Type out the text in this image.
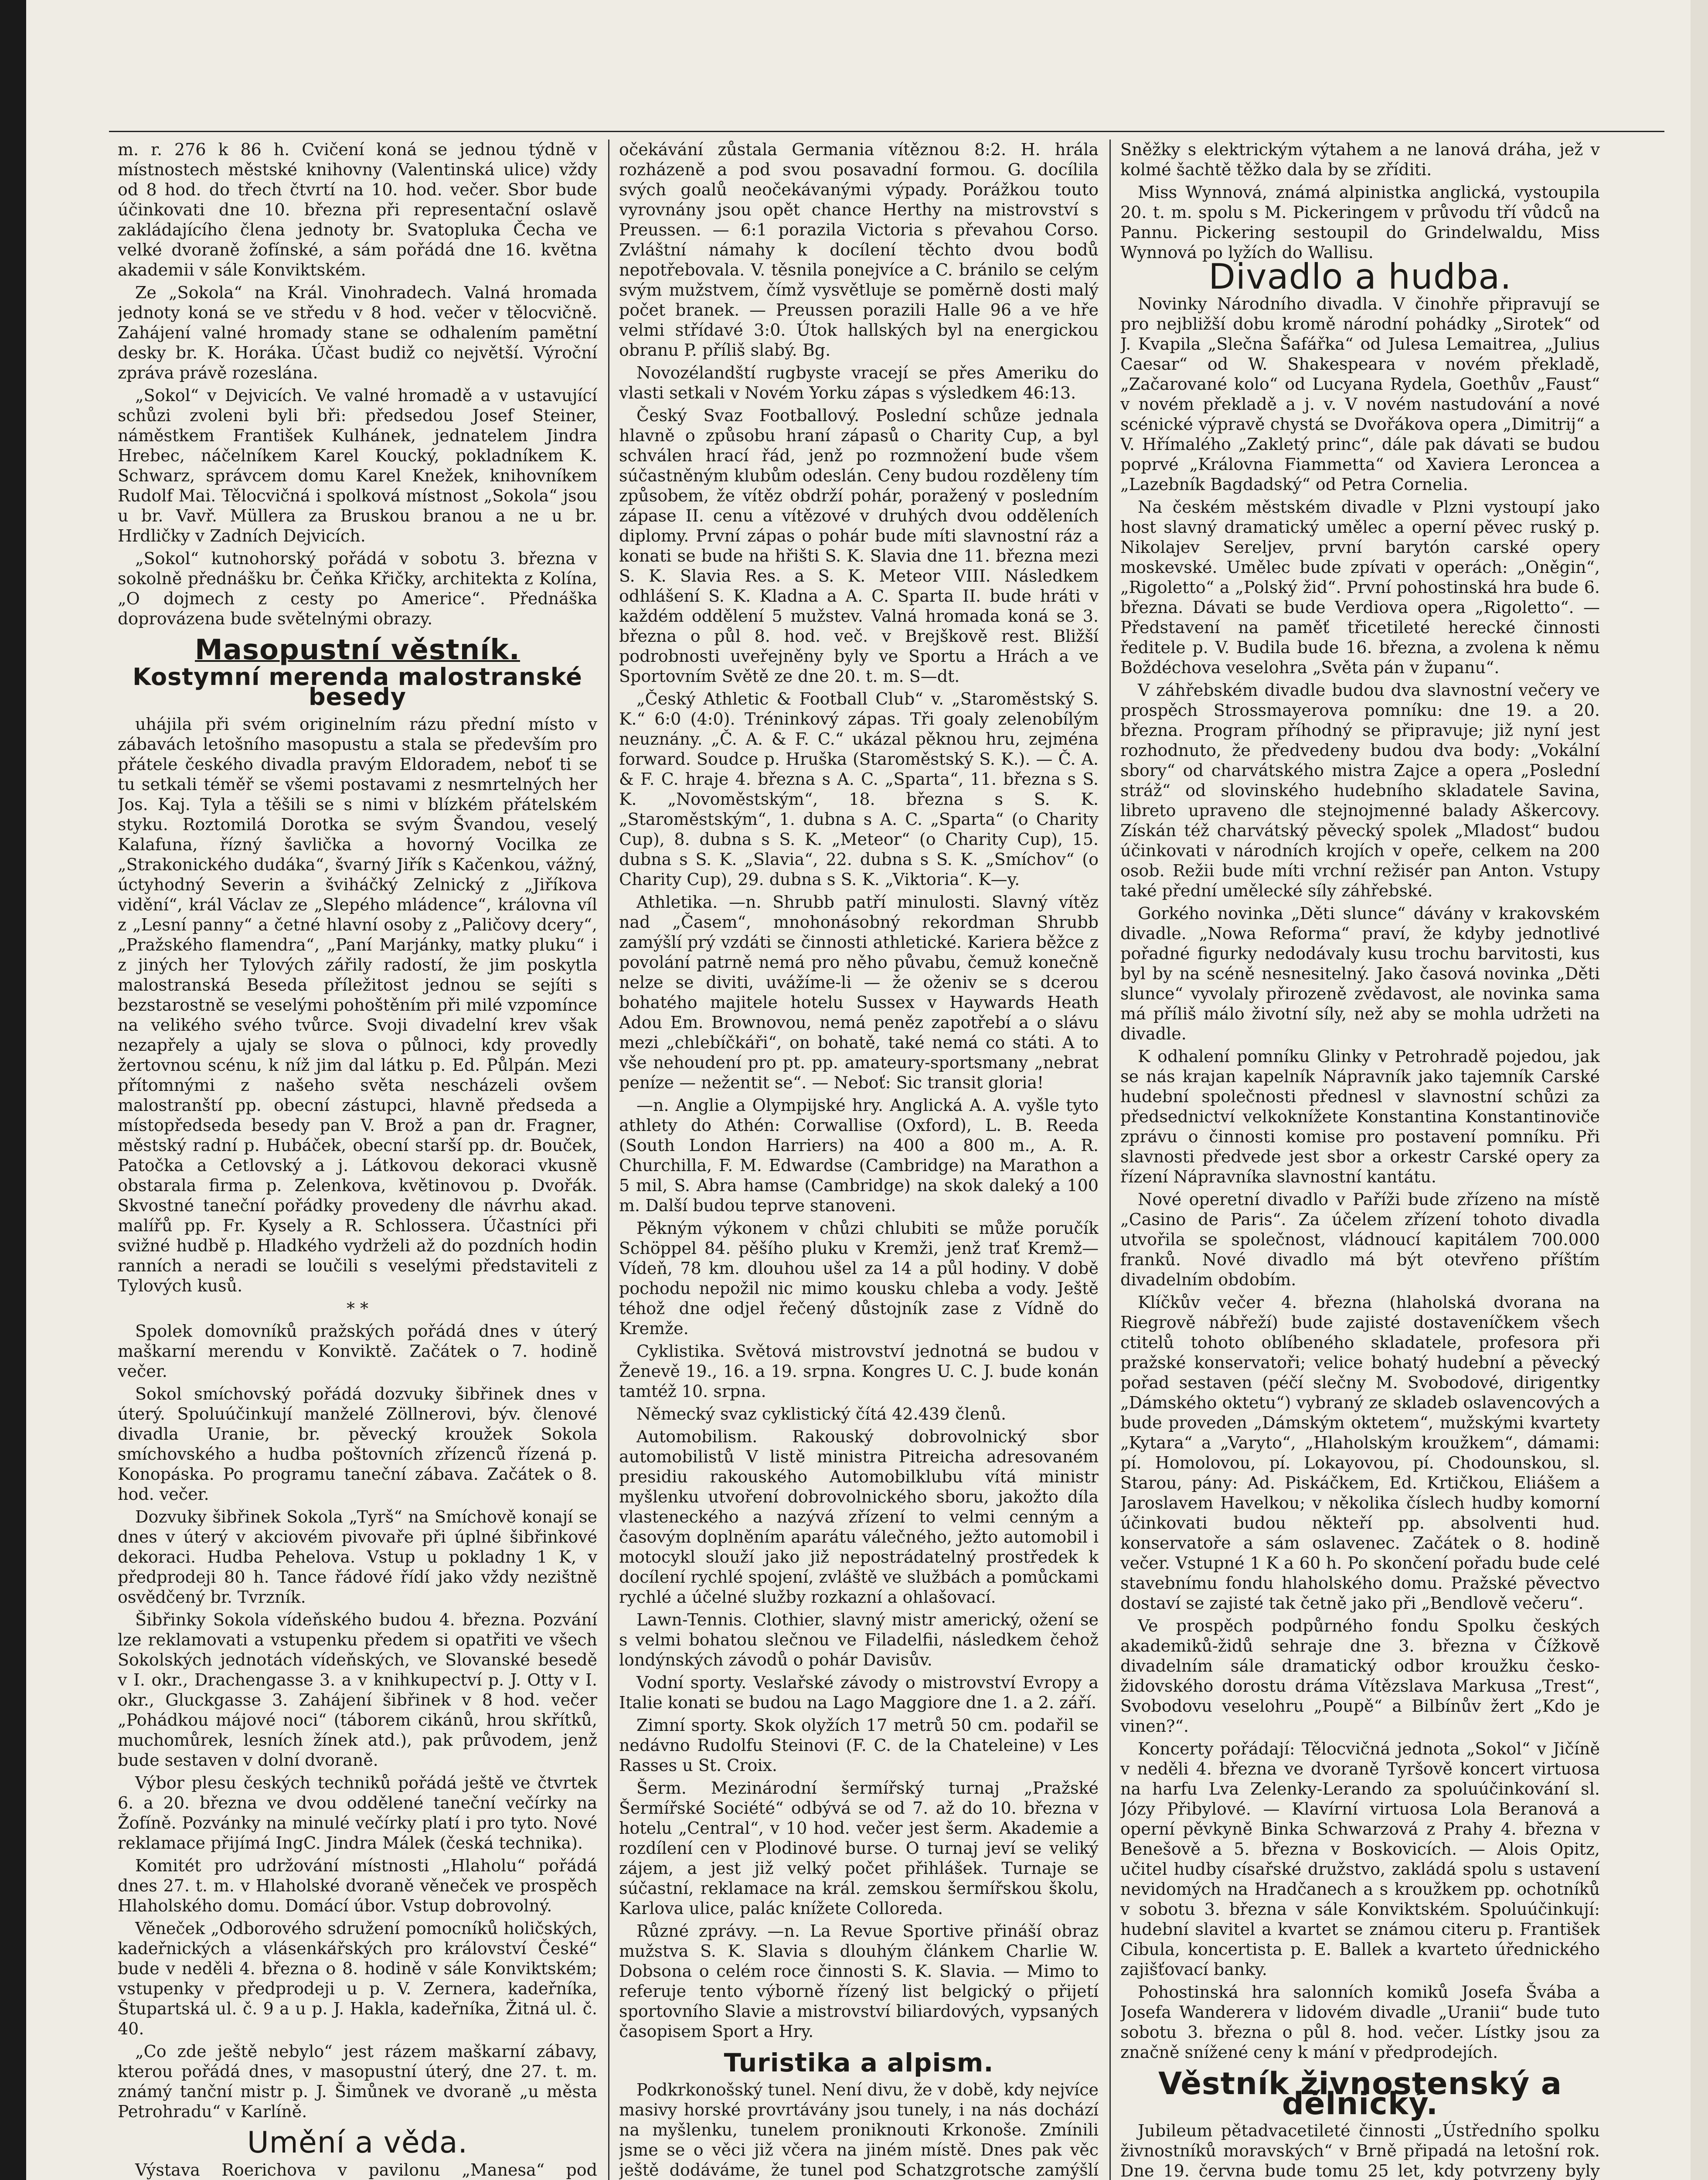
m. r. 276 k 86 h. Cvičení koná se jednou týdně v místnostech městské knihovny (Valentinská ulice) vždy od 8 hod. do třech čtvrtí na 10. hod. večer. Sbor bude účinkovati dne 10. března při representační oslavě zakládajícího člena jednoty br. Svatopluka Čecha ve velké dvoraně žofínské, a sám pořádá dne 16. května akademii v sále Konviktském.

Ze „Sokola“ na Král. Vinohradech. Valná hromada jednoty koná se ve středu v 8 hod. večer v tělocvičně. Zahájení valné hromady stane se odhalením pamětní desky br. K. Horáka. Účast budiž co největší. Výroční zpráva právě rozeslána.

„Sokol“ v Dejvicích. Ve valné hromadě a v ustavující schůzi zvoleni byli bři: předsedou Josef Steiner, náměstkem František Kulhánek, jednatelem Jindra Hrebec, náčelníkem Karel Koucký, pokladníkem K. Schwarz, správcem domu Karel Knežek, knihovníkem Rudolf Mai. Tělocvičná i spolková místnost „Sokola“ jsou u br. Vavř. Müllera za Bruskou branou a ne u br. Hrdličky v Zadních Dejvicích.

„Sokol“ kutnohorský pořádá v sobotu 3. března v sokolně přednášku br. Čeňka Křičky, architekta z Kolína, „O dojmech z cesty po Americe“. Přednáška doprovázena bude světelnými obrazy.

Masopustní věstník.
Kostymní merenda malostranské besedy

uhájila při svém originelním rázu přední místo v zábavách letošního masopustu a stala se především pro přátele českého divadla pravým Eldoradem, neboť ti se tu setkali téměř se všemi postavami z nesmrtelných her Jos. Kaj. Tyla a těšili se s nimi v blízkém přátelském styku. Roztomilá Dorotka se svým Švandou, veselý Kalafuna, řízný šavlička a hovorný Vocilka ze „Strakonického dudáka“, švarný Jiřík s Kačenkou, vážný, úctyhodný Severin a šviháčký Zelnický z „Jiříkova vidění“, král Václav ze „Slepého mládence“, královna víl z „Lesní panny“ a četné hlavní osoby z „Paličovy dcery“, „Pražského flamendra“, „Paní Marjánky, matky pluku“ i z jiných her Tylových zářily radostí, že jim poskytla malostranská Beseda příležitost jednou se sejíti s bezstarostně se veselými pohoštěním při milé vzpomínce na velikého svého tvůrce. Svoji divadelní krev však nezapřely a ujaly se slova o půlnoci, kdy provedly žertovnou scénu, k níž jim dal látku p. Ed. Půlpán. Mezi přítomnými z našeho světa nescházeli ovšem malostranští pp. obecní zástupci, hlavně předseda a místopředseda besedy pan V. Brož a pan dr. Fragner, městský radní p. Hubáček, obecní starší pp. dr. Bouček, Patočka a Cetlovský a j. Látkovou dekoraci vkusně obstarala firma p. Zelenkova, květinovou p. Dvořák. Skvostné taneční pořádky provedeny dle návrhu akad. malířů pp. Fr. Kysely a R. Schlossera. Účastníci při svižné hudbě p. Hladkého vydrželi až do pozdních hodin ranních a neradi se loučili s veselými představiteli z Tylových kusů.

* *

Spolek domovníků pražských pořádá dnes v úterý maškarní merendu v Konviktě. Začátek o 7. hodině večer.

Sokol smíchovský pořádá dozvuky šibřinek dnes v úterý. Spoluúčinkují manželé Zöllnerovi, býv. členové divadla Uranie, br. pěvecký kroužek Sokola smíchovského a hudba poštovních zřízenců řízená p. Konopáska. Po programu taneční zábava. Začátek o 8. hod. večer.

Dozvuky šibřinek Sokola „Tyrš“ na Smíchově konají se dnes v úterý v akciovém pivovaře při úplné šibřinkové dekoraci. Hudba Pehelova. Vstup u pokladny 1 K, v předprodeji 80 h. Tance řádové řídí jako vždy nezištně osvědčený br. Tvrzník.

Šibřinky Sokola vídeňského budou 4. března. Pozvání lze reklamovati a vstupenku předem si opatřiti ve všech Sokolských jednotách vídeňských, ve Slovanské besedě v I. okr., Drachengasse 3. a v knihkupectví p. J. Otty v I. okr., Gluckgasse 3. Zahájení šibřinek v 8 hod. večer „Pohádkou májové noci“ (táborem cikánů, hrou skřítků, muchomůrek, lesních žínek atd.), pak průvodem, jenž bude sestaven v dolní dvoraně.

Výbor plesu českých techniků pořádá ještě ve čtvrtek 6. a 20. března ve dvou oddělené taneční večírky na Žofíně. Pozvánky na minulé večírky platí i pro tyto. Nové reklamace přijímá IngC. Jindra Málek (česká technika).

Komitét pro udržování místnosti „Hlaholu“ pořádá dnes 27. t. m. v Hlaholské dvoraně věneček ve prospěch Hlaholského domu. Domácí úbor. Vstup dobrovolný.

Věneček „Odborového sdružení pomocníků holičských, kadeřnických a vlásenkářských pro království České“ bude v neděli 4. března o 8. hodině v sále Konviktském; vstupenky v předprodeji u p. V. Zernera, kadeřníka, Štupartská ul. č. 9 a u p. J. Hakla, kadeřníka, Žitná ul. č. 40.

„Co zde ještě nebylo“ jest rázem maškarní zábavy, kterou pořádá dnes, v masopustní úterý, dne 27. t. m. známý tanční mistr p. J. Šimůnek ve dvoraně „u města Petrohradu“ v Karlíně.

Umění a věda.

Výstava Roerichova v pavilonu „Manesa“ pod

očekávání zůstala Germania vítěznou 8:2. H. hrála rozházeně a pod svou posavadní formou. G. docílila svých goalů neočekávanými výpady. Porážkou touto vyrovnány jsou opět chance Herthy na mistrovství s Preussen. — 6:1 porazila Victoria s převahou Corso. Zvláštní námahy k docílení těchto dvou bodů nepotřebovala. V. těsnila ponejvíce a C. bránilo se celým svým mužstvem, čímž vysvětluje se poměrně dosti malý počet branek. — Preussen porazili Halle 96 a ve hře velmi střídavé 3:0. Útok hallských byl na energickou obranu P. příliš slabý. Bg.

Novozélandští rugbyste vracejí se přes Ameriku do vlasti setkali v Novém Yorku zápas s výsledkem 46:13.

Český Svaz Footballový. Poslední schůze jednala hlavně o způsobu hraní zápasů o Charity Cup, a byl schválen hrací řád, jenž po rozmnožení bude všem súčastněným klubům odeslán. Ceny budou rozděleny tím způsobem, že vítěz obdrží pohár, poražený v posledním zápase II. cenu a vítězové v druhých dvou odděleních diplomy. První zápas o pohár bude míti slavnostní ráz a konati se bude na hřišti S. K. Slavia dne 11. března mezi S. K. Slavia Res. a S. K. Meteor VIII. Následkem odhlášení S. K. Kladna a A. C. Sparta II. bude hráti v každém oddělení 5 mužstev. Valná hromada koná se 3. března o půl 8. hod. več. v Brejškově rest. Bližší podrobnosti uveřejněny byly ve Sportu a Hrách a ve Sportovním Světě ze dne 20. t. m. S—dt.

„Český Athletic & Football Club“ v. „Staroměstský S. K.“ 6:0 (4:0). Tréninkový zápas. Tři goaly zelenobílým neuznány. „Č. A. & F. C.“ ukázal pěknou hru, zejména forward. Soudce p. Hruška (Staroměstský S. K.). — Č. A. & F. C. hraje 4. března s A. C. „Sparta“, 11. března s S. K. „Novoměstským“, 18. března s S. K. „Staroměstským“, 1. dubna s A. C. „Sparta“ (o Charity Cup), 8. dubna s S. K. „Meteor“ (o Charity Cup), 15. dubna s S. K. „Slavia“, 22. dubna s S. K. „Smíchov“ (o Charity Cup), 29. dubna s S. K. „Viktoria“. K—y.

Athletika. —n. Shrubb patří minulosti. Slavný vítěz nad „Časem“, mnohonásobný rekordman Shrubb zamýšlí prý vzdáti se činnosti athletické. Kariera běžce z povolání patrně nemá pro něho půvabu, čemuž konečně nelze se diviti, uvážíme-li — že oženiv se s dcerou bohatého majitele hotelu Sussex v Haywards Heath Adou Em. Brownovou, nemá peněz zapotřebí a o slávu mezi „chlebíčkáři“, on bohatě, také nemá co státi. A to vše nehoudení pro pt. pp. amateury-sportsmany „nebrat peníze — nežentit se“. — Neboť: Sic transit gloria!

—n. Anglie a Olympijské hry. Anglická A. A. vyšle tyto athlety do Athén: Corwallise (Oxford), L. B. Reeda (South London Harriers) na 400 a 800 m., A. R. Churchilla, F. M. Edwardse (Cambridge) na Marathon a 5 mil, S. Abra hamse (Cambridge) na skok daleký a 100 m. Další budou teprve stanoveni.

Pěkným výkonem v chůzi chlubiti se může poručík Schöppel 84. pěšího pluku v Kremži, jenž trať Kremž—Vídeň, 78 km. dlouhou ušel za 14 a půl hodiny. V době pochodu nepožil nic mimo kousku chleba a vody. Ještě téhož dne odjel řečený důstojník zase z Vídně do Kremže.

Cyklistika. Světová mistrovství jednotná se budou v Ženevě 19., 16. a 19. srpna. Kongres U. C. J. bude konán tamtéž 10. srpna.

Německý svaz cyklistický čítá 42.439 členů.

Automobilism. Rakouský dobrovolnický sbor automobilistů V listě ministra Pitreicha adresovaném presidiu rakouského Automobilklubu vítá ministr myšlenku utvoření dobrovolnického sboru, jakožto díla vlasteneckého a nazývá zřízení to velmi cenným a časovým doplněním aparátu válečného, ježto automobil i motocykl slouží jako již nepostrádatelný prostředek k docílení rychlé spojení, zvláště ve službách a pomůckami rychlé a účelné služby rozkazní a ohlašovací.

Lawn-Tennis. Clothier, slavný mistr americký, ožení se s velmi bohatou slečnou ve Filadelfii, následkem čehož londýnských závodů o pohár Davisův.

Vodní sporty. Veslařské závody o mistrovství Evropy a Italie konati se budou na Lago Maggiore dne 1. a 2. září.

Zimní sporty. Skok olyžích 17 metrů 50 cm. podařil se nedávno Rudolfu Steinovi (F. C. de la Chateleine) v Les Rasses u St. Croix.

Šerm. Mezinárodní šermířský turnaj „Pražské Šermířské Société“ odbývá se od 7. až do 10. března v hotelu „Central“, v 10 hod. večer jest šerm. Akademie a rozdílení cen v Plodinové burse. O turnaj jeví se veliký zájem, a jest již velký počet přihlášek. Turnaje se súčastní, reklamace na král. zemskou šermířskou školu, Karlova ulice, palác knížete Colloreda.

Různé zprávy. —n. La Revue Sportive přináší obraz mužstva S. K. Slavia s dlouhým článkem Charlie W. Dobsona o celém roce činnosti S. K. Slavia. — Mimo to referuje tento výborně řízený list belgický o přijetí sportovního Slavie a mistrovství biliardových, vypsaných časopisem Sport a Hry.

Turistika a alpism.

Podkrkonošský tunel. Není divu, že v době, kdy nejvíce masivy horské provrtávány jsou tunely, i na nás dochází na myšlenku, tunelem proniknouti Krkonoše. Zmínili jsme se o věci již včera na jiném místě. Dnes pak věc ještě dodáváme, že tunel pod Schatzgrotsche zamýšlí

Sněžky s elektrickým výtahem a ne lanová dráha, jež v kolmé šachtě těžko dala by se zříditi.

Miss Wynnová, známá alpinistka anglická, vystoupila 20. t. m. spolu s M. Pickeringem v průvodu tří vůdců na Pannu. Pickering sestoupil do Grindelwaldu, Miss Wynnová po lyžích do Wallisu.

Divadlo a hudba.

Novinky Národního divadla. V činohře připravují se pro nejbližší dobu kromě národní pohádky „Sirotek“ od J. Kvapila „Slečna Šafářka“ od Julesa Lemaitrea, „Julius Caesar“ od W. Shakespeara v novém překladě, „Začarované kolo“ od Lucyana Rydela, Goethův „Faust“ v novém překladě a j. v. V novém nastudování a nové scénické výpravě chystá se Dvořákova opera „Dimitrij“ a V. Hřímalého „Zakletý princ“, dále pak dávati se budou poprvé „Královna Fiammetta“ od Xaviera Leroncea a „Lazebník Bagdadský“ od Petra Cornelia.

Na českém městském divadle v Plzni vystoupí jako host slavný dramatický umělec a operní pěvec ruský p. Nikolajev Sereljev, první barytón carské opery moskevské. Umělec bude zpívati v operách: „Oněgin“, „Rigoletto“ a „Polský žid“. První pohostinská hra bude 6. března. Dávati se bude Verdiova opera „Rigoletto“. — Představení na paměť třicetileté herecké činnosti ředitele p. V. Budila bude 16. března, a zvolena k němu Boždéchova veselohra „Světa pán v županu“.

V záhřebském divadle budou dva slavnostní večery ve prospěch Strossmayerova pomníku: dne 19. a 20. března. Program příhodný se připravuje; již nyní jest rozhodnuto, že předvedeny budou dva body: „Vokální sbory“ od charvátského mistra Zajce a opera „Poslední stráž“ od slovinského hudebního skladatele Savina, libreto upraveno dle stejnojmenné balady Aškercovy. Získán též charvátský pěvecký spolek „Mladost“ budou účinkovati v národních krojích v opeře, celkem na 200 osob. Režii bude míti vrchní režisér pan Anton. Vstupy také přední umělecké síly záhřebské.

Gorkého novinka „Děti slunce“ dávány v krakovském divadle. „Nowa Reforma“ praví, že kdyby jednotlivé pořadné figurky nedodávaly kusu trochu barvitosti, kus byl by na scéně nesnesitelný. Jako časová novinka „Děti slunce“ vyvolaly přirozeně zvědavost, ale novinka sama má příliš málo životní síly, než aby se mohla udržeti na divadle.

K odhalení pomníku Glinky v Petrohradě pojedou, jak se nás krajan kapelník Nápravník jako tajemník Carské hudební společnosti přednesl v slavnostní schůzi za předsednictví velkoknížete Konstantina Konstantinoviče zprávu o činnosti komise pro postavení pomníku. Při slavnosti předvede jest sbor a orkestr Carské opery za řízení Nápravníka slavnostní kantátu.

Nové operetní divadlo v Paříži bude zřízeno na místě „Casino de Paris“. Za účelem zřízení tohoto divadla utvořila se společnost, vládnoucí kapitálem 700.000 franků. Nové divadlo má být otevřeno příštím divadelním obdobím.

Klíčkův večer 4. března (hlaholská dvorana na Riegrově nábřeží) bude zajisté dostaveníčkem všech ctitelů tohoto oblíbeného skladatele, profesora při pražské konservatoři; velice bohatý hudební a pěvecký pořad sestaven (péčí slečny M. Svobodové, dirigentky „Dámského oktetu“) vybraný ze skladeb oslavencových a bude proveden „Dámským oktetem“, mužskými kvartety „Kytara“ a „Varyto“, „Hlaholským kroužkem“, dámami: pí. Homolovou, pí. Lokayovou, pí. Chodounskou, sl. Starou, pány: Ad. Piskáčkem, Ed. Krtičkou, Eliášem a Jaroslavem Havelkou; v několika číslech hudby komorní účinkovati budou někteří pp. absolventi hud. konservatoře a sám oslavenec. Začátek o 8. hodině večer. Vstupné 1 K a 60 h. Po skončení pořadu bude celé stavebnímu fondu hlaholského domu. Pražské pěvectvo dostaví se zajisté tak četně jako při „Bendlově večeru“.

Ve prospěch podpůrného fondu Spolku českých akademiků-židů sehraje dne 3. března v Čížkově divadelním sále dramatický odbor kroužku česko-židovského dorostu dráma Vítězslava Markusa „Trest“, Svobodovu veselohru „Poupě“ a Bilbínův žert „Kdo je vinen?“.

Koncerty pořádají: Tělocvičná jednota „Sokol“ v Jičíně v neděli 4. března ve dvoraně Tyršově koncert virtuosa na harfu Lva Zelenky-Lerando za spoluúčinkování sl. Józy Přibylové. — Klavírní virtuosa Lola Beranová a operní pěvkyně Binka Schwarzová z Prahy 4. března v Benešově a 5. března v Boskovicích. — Alois Opitz, učitel hudby císařské družstvo, zakládá spolu s ustavení nevidomých na Hradčanech a s kroužkem pp. ochotníků v sobotu 3. března v sále Konviktském. Spoluúčinkují: hudební slavitel a kvartet se známou citeru p. František Cibula, koncertista p. E. Ballek a kvarteto úřednického zajišťovací banky.

Pohostinská hra salonních komiků Josefa Švába a Josefa Wanderera v lidovém divadle „Uranii“ bude tuto sobotu 3. března o půl 8. hod. večer. Lístky jsou za značně snížené ceny k mání v předprodejích.

Věstník živnostenský a dělnický.

Jubileum pětadvacetileté činnosti „Ústředního spolku živnostníků moravských“ v Brně připadá na letošní rok. Dne 19. června bude tomu 25 let, kdy potvrzeny byly
